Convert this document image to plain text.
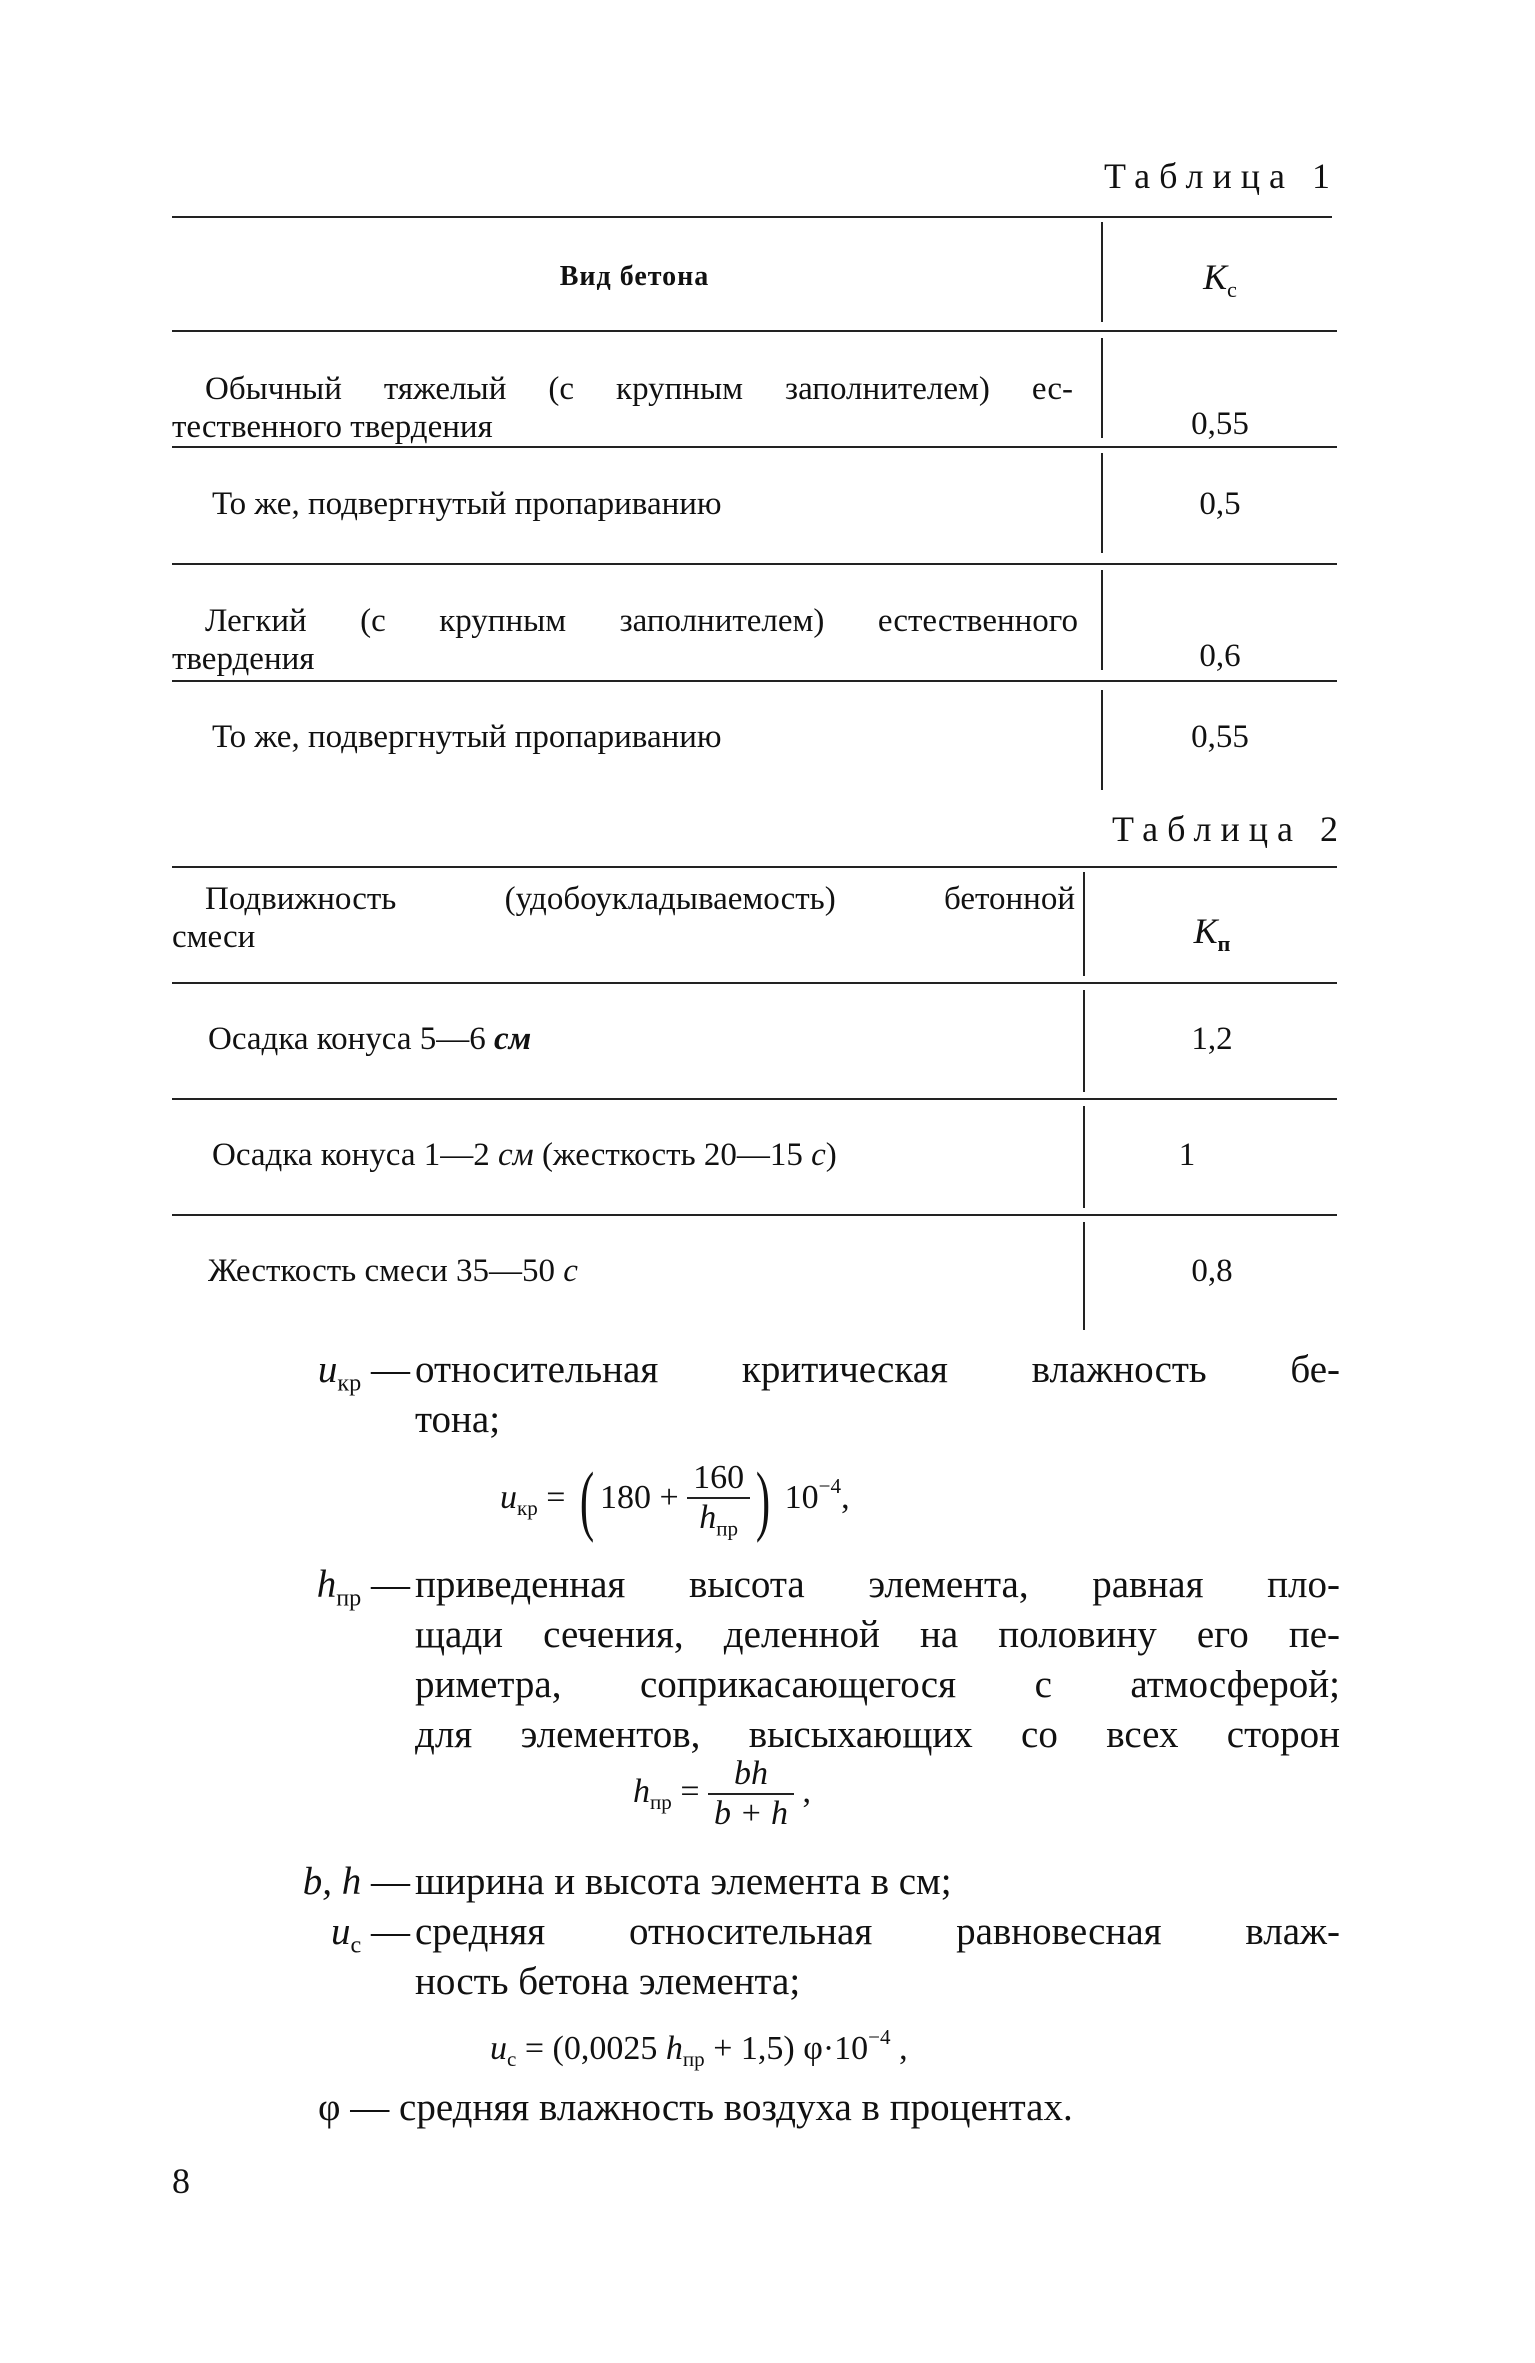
Таблица 1
Вид бетона	$К_с$
Обычный тяжелый (с крупным заполнителем) ес-
тественного твердения	0,55
То же, подвергнутый пропариванию	0,5
Легкий (с крупным заполнителем) естественного
твердения	0,6
То же, подвергнутый пропариванию	0,55
Таблица 2
Подвижность (удобоукладываемость) бетонной
смеси	$К_п$
Осадка конуса 5—6 см	1,2
Осадка конуса 1—2 см (жесткость 20—15 с)	1
Жесткость смеси 35—50 с	0,8
$u_{кр}$ — относительная критическая влажность бе-
тона;
$u_{кр}$ = ( $180 + \frac{160}{h_{пр}}$ ) $10^{-4}$,
$h_{пр}$ — приведенная высота элемента, равная пло-
щади сечения, деленной на половину его пе-
риметра, соприкасающегося с атмосферой;
для элементов, высыхающих со всех сторон
$h_{пр} = \frac{bh}{b + h}$ ,
b, h — ширина и высота элемента в см;
$u_с$ — средняя относительная равновесная влаж-
ность бетона элемента;
$u_с = (0,0025$ $h_{пр} + 1,5$) $\varphi\cdot 10^{-4}$ ,
φ — средняя влажность воздуха в процентах.
8
